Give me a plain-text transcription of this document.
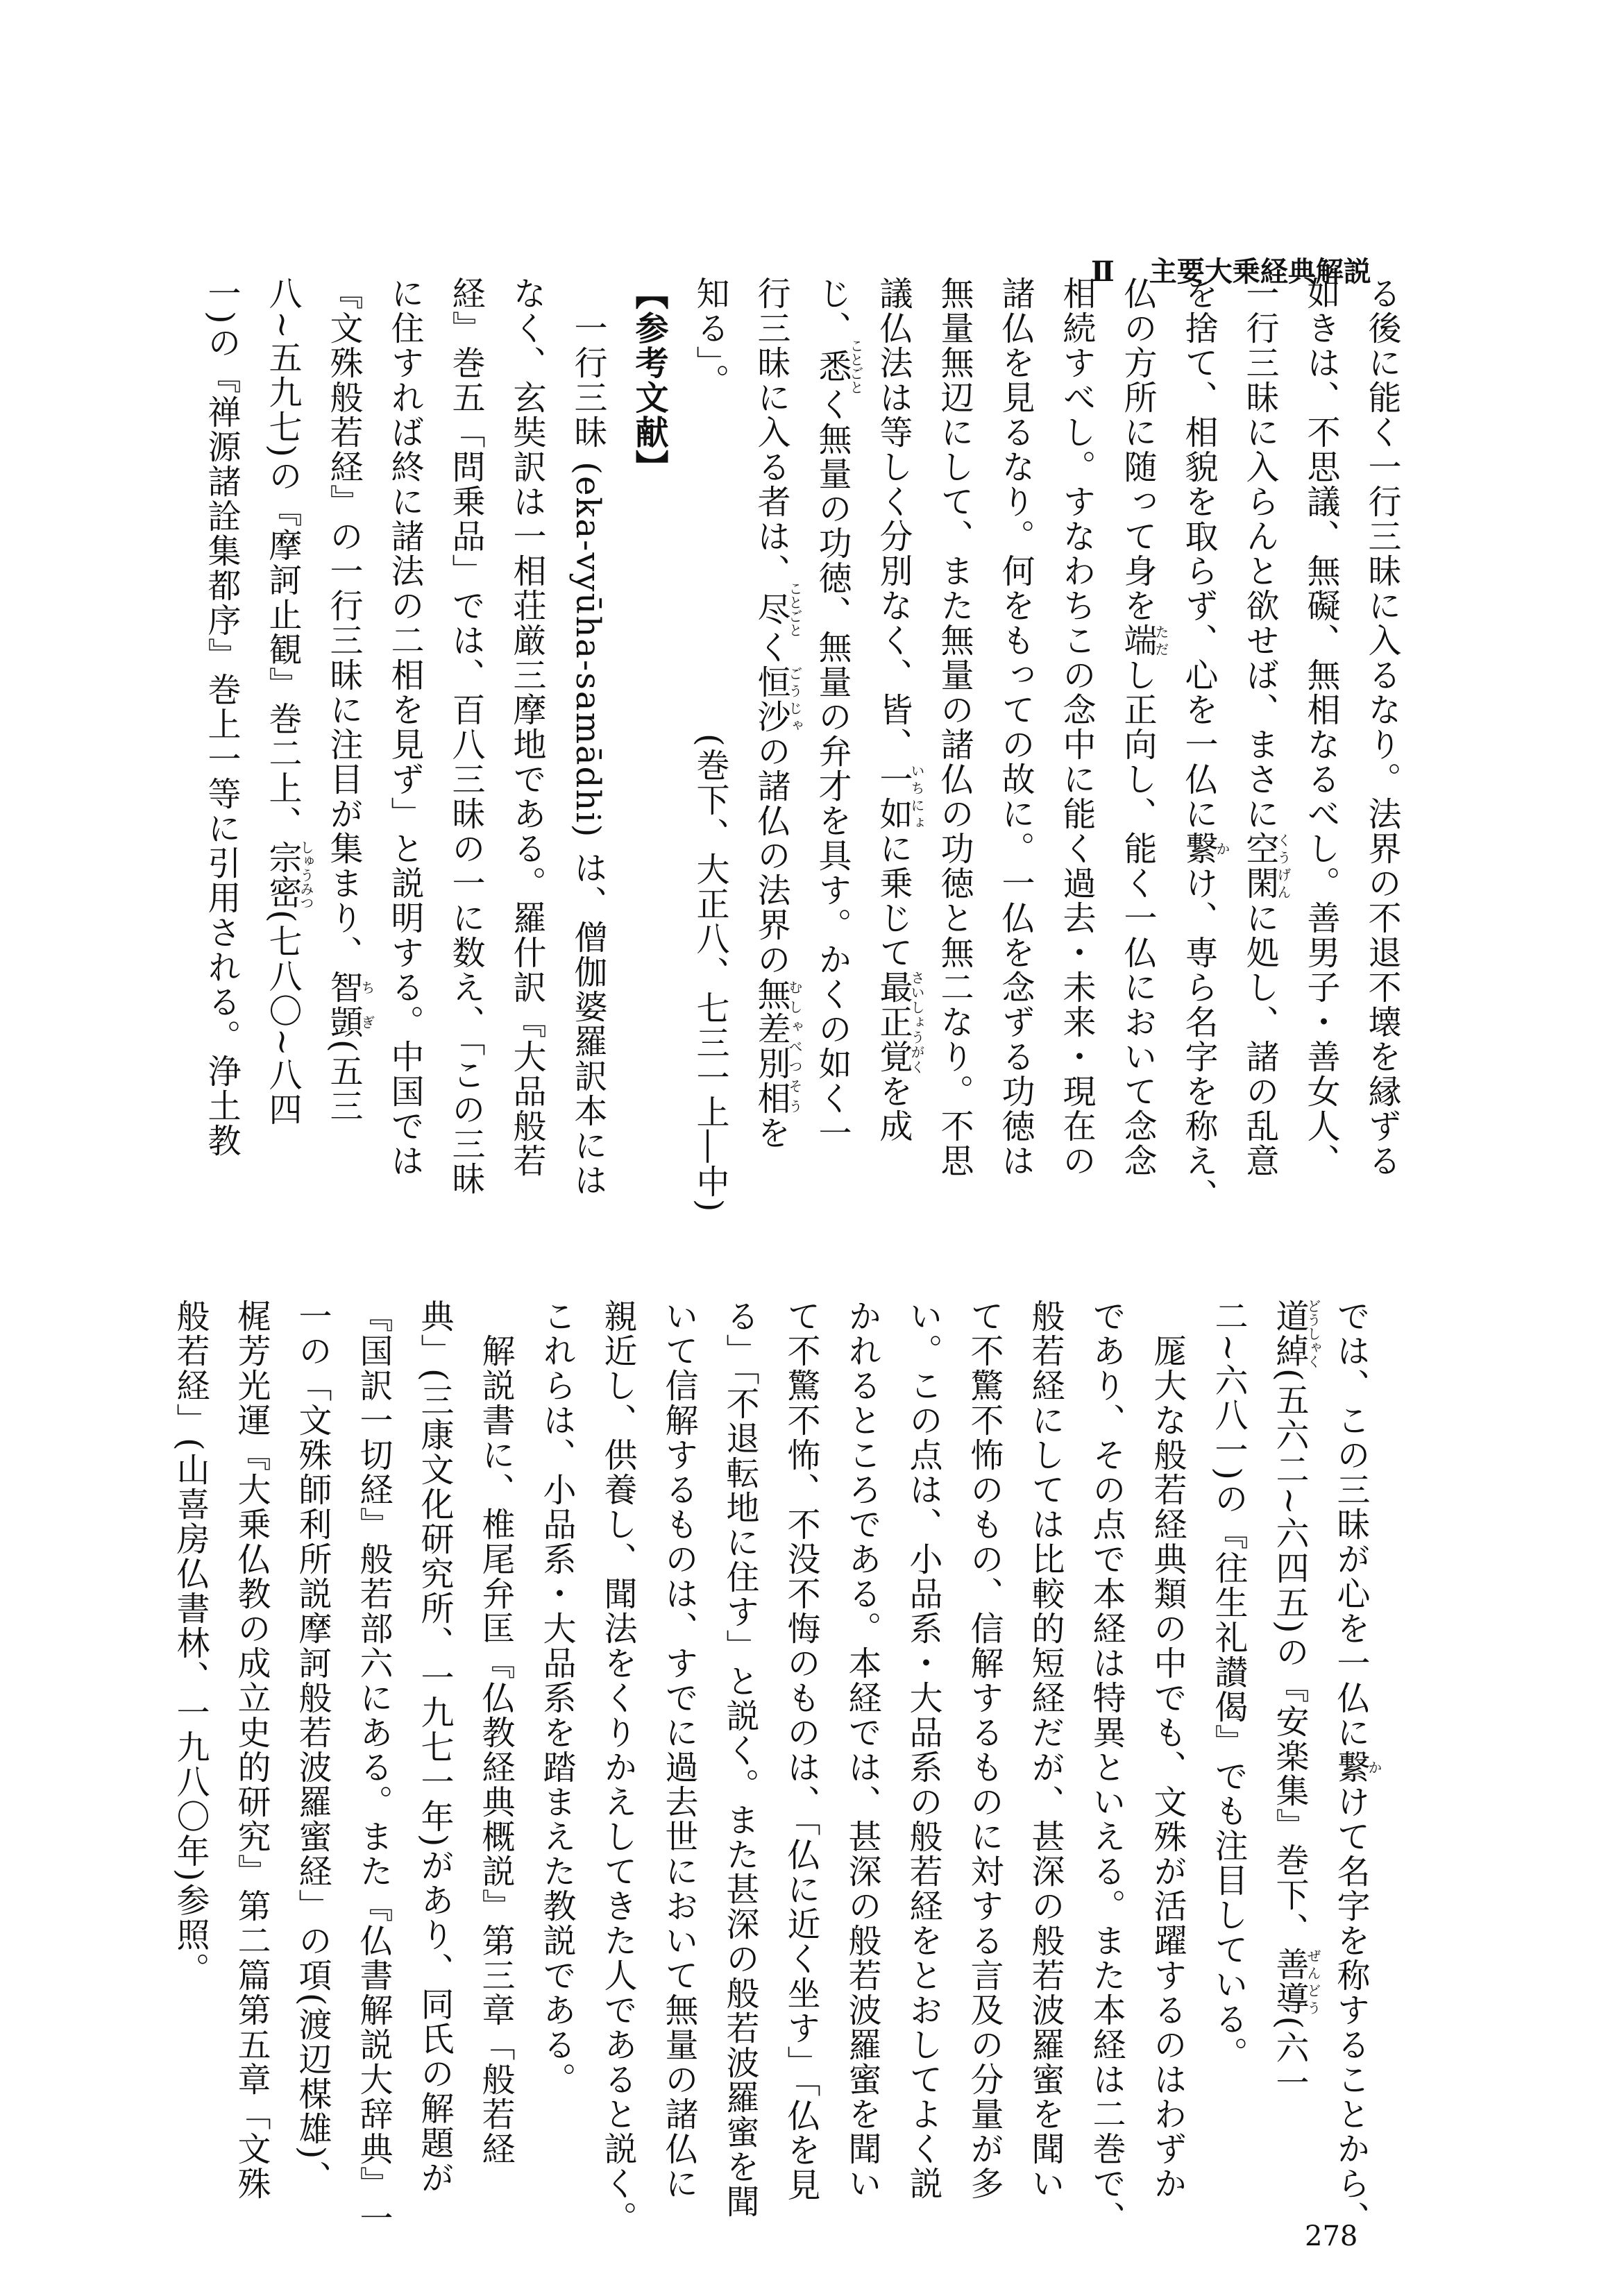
Ⅱ 主要大乗経典解説
る後に能く一行三昧に入るなり。法界の不退不壊を縁ずる
如きは、不思議、無礙、無相なるべし。善男子・善女人、
一行三昧に入らんと欲せば、まさに空閑くうげんに処し、諸の乱意
を捨て、相貌を取らず、心を一仏に繋かけ、専ら名字を称え、
仏の方所に随って身を端ただし正向し、能く一仏において念念
相続すべし。すなわちこの念中に能く過去・未来・現在の
諸仏を見るなり。何をもっての故に。一仏を念ずる功徳は
無量無辺にして、また無量の諸仏の功徳と無二なり。不思
議仏法は等しく分別なく、皆、一如いちにょに乗じて最正覚さいしょうがくを成
じ、悉ことごとく無量の功徳、無量の弁才を具す。かくの如く一
行三昧に入る者は、尽ことごとく恒沙ごうじゃの諸仏の法界の無差別相むしゃべつそうを
知る」。
(巻下、大正八、七三一上―中)
【参考文献】
一行三昧 (eka-vyūha-samādhi) は、僧伽婆羅訳本には
なく、玄奘訳は一相荘厳三摩地である。羅什訳『大品般若
経』巻五「問乗品」では、百八三昧の一に数え、「この三昧
に住すれば終に諸法の二相を見ず」と説明する。中国では
『文殊般若経』の一行三昧に注目が集まり、智顗ちぎ(五三
八~五九七)の『摩訶止観』巻二上、宗密しゅうみつ(七八〇~八四
一)の『禅源諸詮集都序』巻上一等に引用される。浄土教
では、この三昧が心を一仏に繋かけて名字を称することから、
道綽どうしゃく(五六二~六四五)の『安楽集』巻下、善導ぜんどう(六一
二~六八一)の『往生礼讃偈』でも注目している。
厖大な般若経典類の中でも、文殊が活躍するのはわずか
であり、その点で本経は特異といえる。また本経は二巻で、
般若経にしては比較的短経だが、甚深の般若波羅蜜を聞い
て不驚不怖のもの、信解するものに対する言及の分量が多
い。この点は、小品系・大品系の般若経をとおしてよく説
かれるところである。本経では、甚深の般若波羅蜜を聞い
て不驚不怖、不没不悔のものは、「仏に近く坐す」「仏を見
る」「不退転地に住す」と説く。また甚深の般若波羅蜜を聞
いて信解するものは、すでに過去世において無量の諸仏に
親近し、供養し、聞法をくりかえしてきた人であると説く。
これらは、小品系・大品系を踏まえた教説である。
解説書に、椎尾弁匡『仏教経典概説』第三章「般若経
典」(三康文化研究所、一九七一年)があり、同氏の解題が
『国訳一切経』般若部六にある。また『仏書解説大辞典』一
一の「文殊師利所説摩訶般若波羅蜜経」の項(渡辺楳雄)、
梶芳光運『大乗仏教の成立史的研究』第二篇第五章「文殊
般若経」(山喜房仏書林、一九八〇年)参照。
278
